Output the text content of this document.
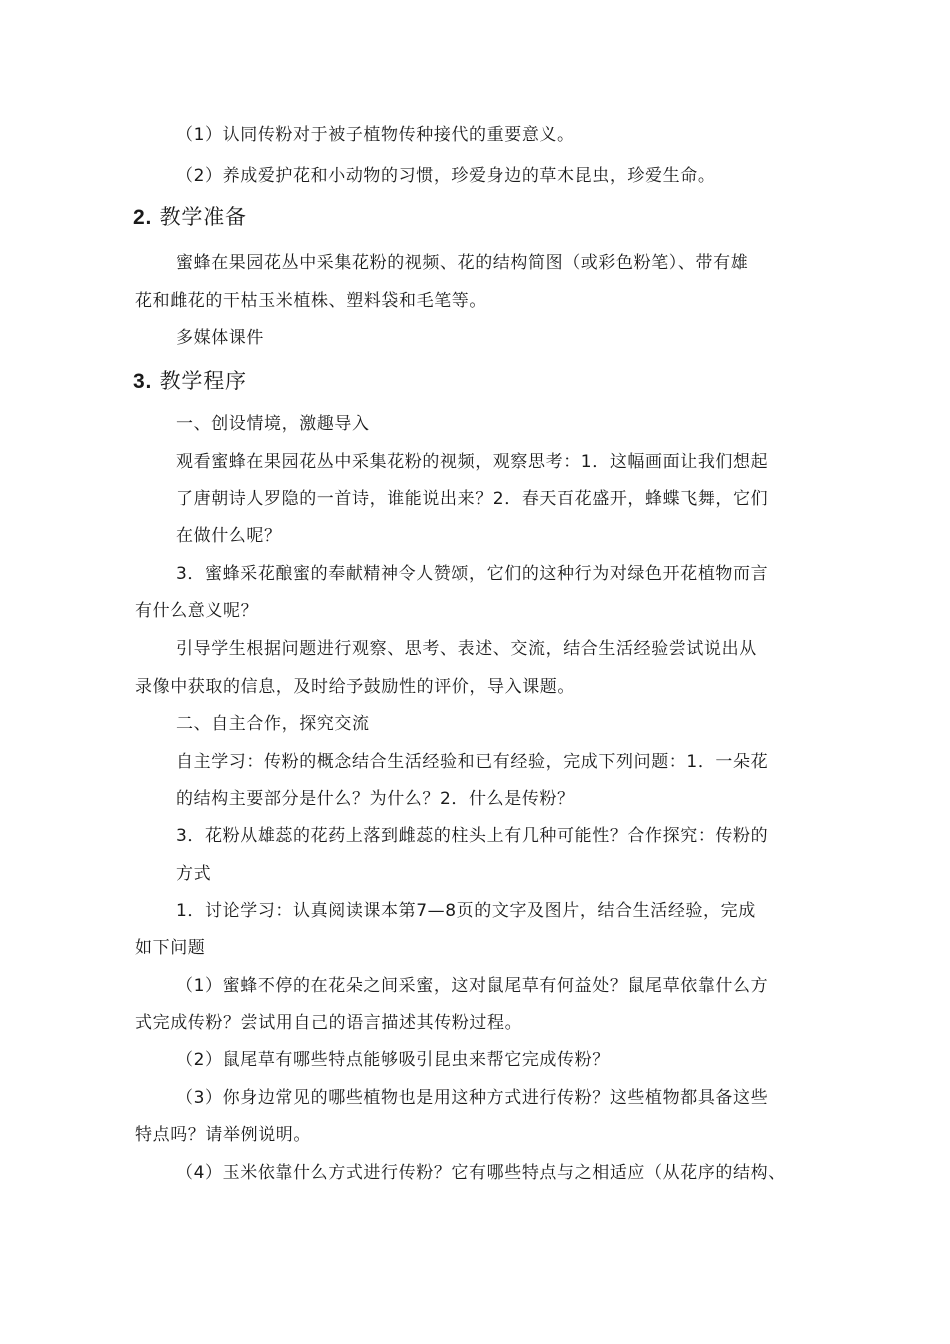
（1）认同传粉对于被子植物传种接代的重要意义。
（2）养成爱护花和小动物的习惯，珍爱身边的草木昆虫，珍爱生命。
2. 教学准备
蜜蜂在果园花丛中采集花粉的视频、花的结构简图（或彩色粉笔）、带有雄
花和雌花的干枯玉米植株、塑料袋和毛笔等。
多媒体课件
3. 教学程序
一、创设情境，激趣导入
观看蜜蜂在果园花丛中采集花粉的视频，观察思考：1．这幅画面让我们想起
了唐朝诗人罗隐的一首诗，谁能说出来？2．春天百花盛开，蜂蝶飞舞，它们
在做什么呢？
3．蜜蜂采花酿蜜的奉献精神令人赞颂，它们的这种行为对绿色开花植物而言
有什么意义呢？
引导学生根据问题进行观察、思考、表述、交流，结合生活经验尝试说出从
录像中获取的信息，及时给予鼓励性的评价，导入课题。
二、自主合作，探究交流
自主学习：传粉的概念结合生活经验和已有经验，完成下列问题：1．一朵花
的结构主要部分是什么？为什么？2．什么是传粉？
3．花粉从雄蕊的花药上落到雌蕊的柱头上有几种可能性？合作探究：传粉的
方式
1．讨论学习：认真阅读课本第7—8页的文字及图片，结合生活经验，完成
如下问题
（1）蜜蜂不停的在花朵之间采蜜，这对鼠尾草有何益处？鼠尾草依靠什么方
式完成传粉？尝试用自己的语言描述其传粉过程。
（2）鼠尾草有哪些特点能够吸引昆虫来帮它完成传粉？
（3）你身边常见的哪些植物也是用这种方式进行传粉？这些植物都具备这些
特点吗？请举例说明。
（4）玉米依靠什么方式进行传粉？它有哪些特点与之相适应（从花序的结构、
